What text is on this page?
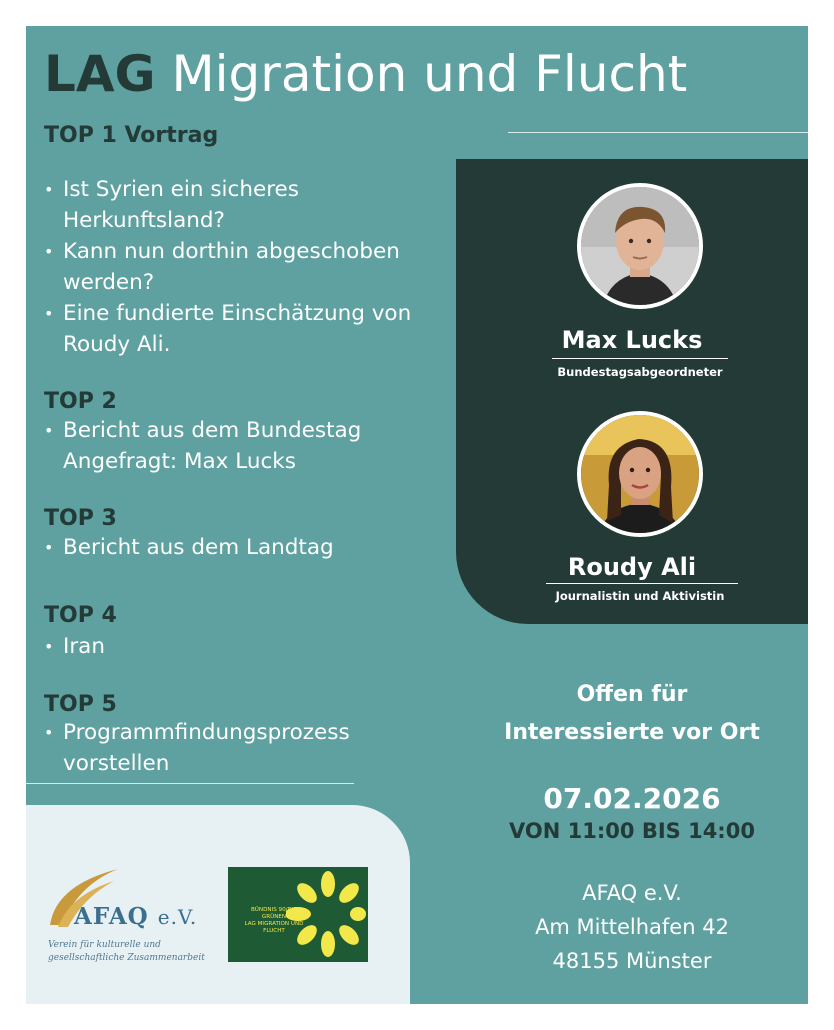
LAG Migration und Flucht
TOP 1 Vortrag
• Ist Syrien ein sicheres Herkunftsland?
• Kann nun dorthin abgeschoben werden?
• Eine fundierte Einschätzung von Roudy Ali.
TOP 2
• Bericht aus dem Bundestag Angefragt: Max Lucks
TOP 3
• Bericht aus dem Landtag
TOP 4
• Iran
TOP 5
• Programmfindungsprozess vorstellen
Max Lucks
Bundestagsabgeordneter
Roudy Ali
Journalistin und Aktivistin
Offen für
Interessierte vor Ort
07.02.2026
VON 11:00 BIS 14:00
AFAQ e.V.
Am Mittelhafen 42
48155 Münster
AFAQ e.V.
Verein für kulturelle und gesellschaftliche Zusammenarbeit
BÜNDNIS 90/DIE GRÜNEN
LAG MIGRATION UND FLUCHT
